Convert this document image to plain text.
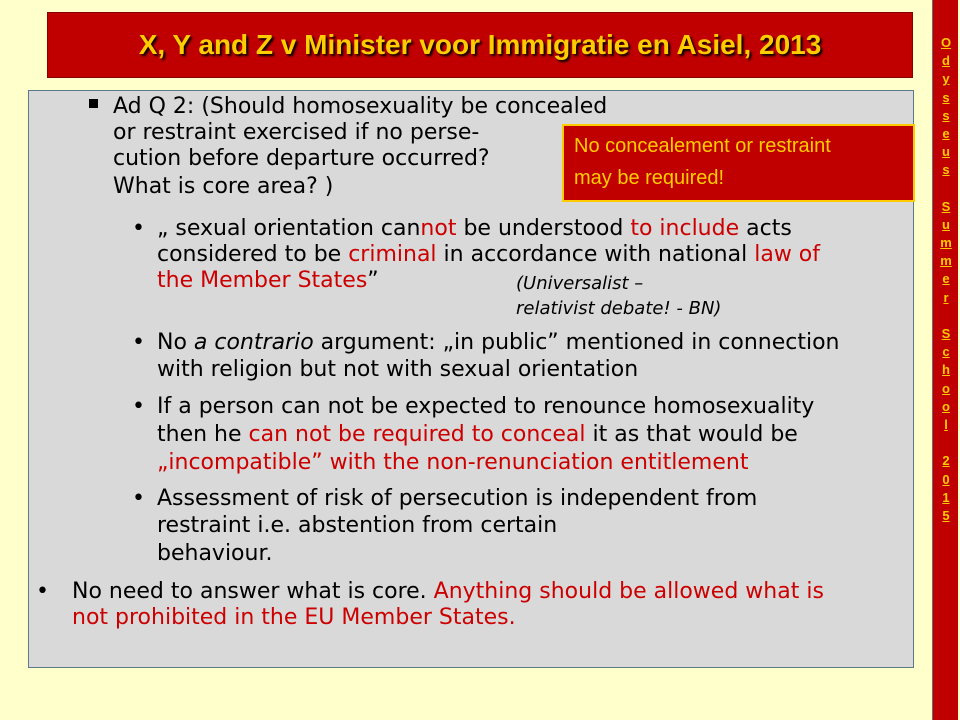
X, Y and Z v Minister voor Immigratie en Asiel, 2013	O
d
y
s
s
e
u
s
S
u
m
m
e
r
S
c
h
o
o
l
2
0
1
5
Ad Q 2: (Should homosexuality be concealed
or restraint exercised if no perse-
cution before departure occurred?
What is core area? )
No concealement or restraint
may be required!
• „ sexual orientation cannot be understood to include acts
considered to be criminal in accordance with national law of
the Member States”	(Universalist –
relativist debate! - BN)
• No a contrario argument: „in public” mentioned in connection
with religion but not with sexual orientation
• If a person can not be expected to renounce homosexuality
then he can not be required to conceal it as that would be
„incompatible” with the non-renunciation entitlement
• Assessment of risk of persecution is independent from
restraint i.e. abstention from certain
behaviour.
• No need to answer what is core. Anything should be allowed what is
not prohibited in the EU Member States.
